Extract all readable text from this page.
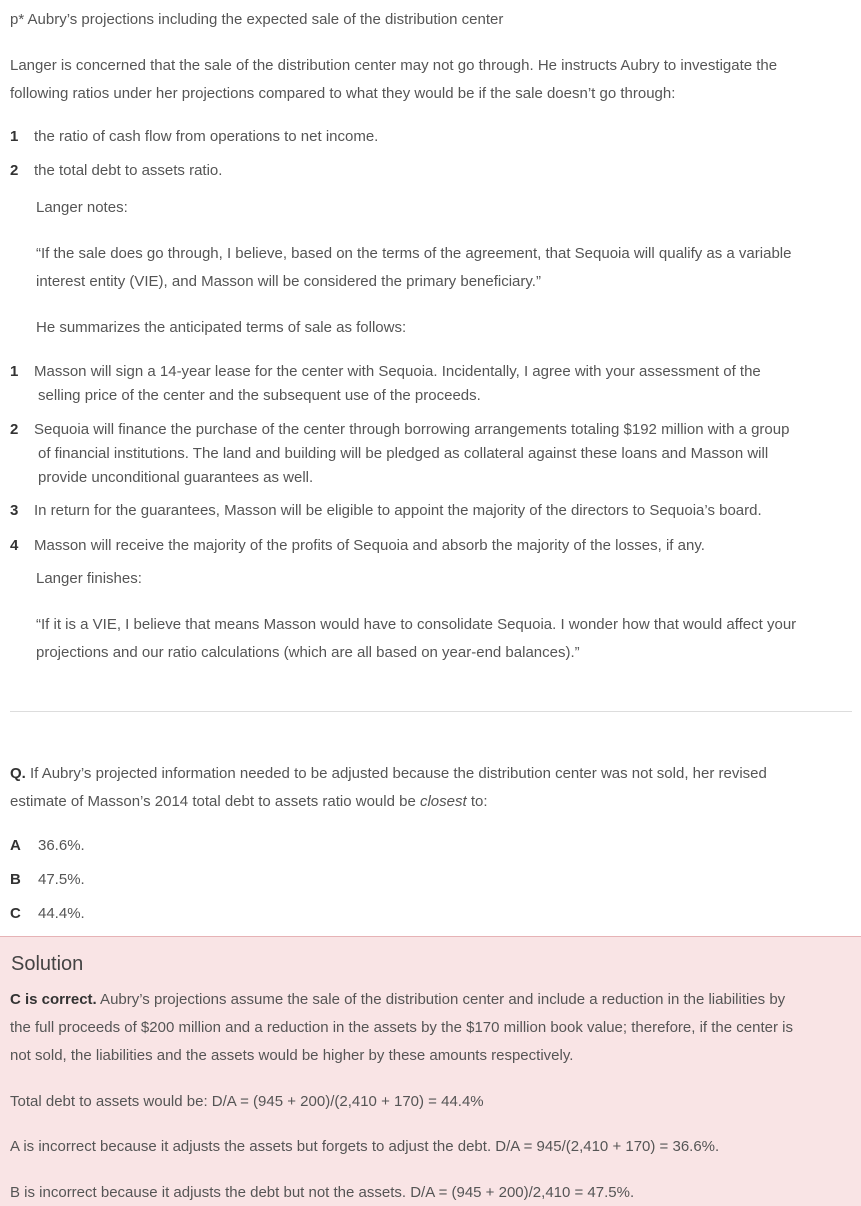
p* Aubry’s projections including the expected sale of the distribution center
Langer is concerned that the sale of the distribution center may not go through. He instructs Aubry to investigate the
following ratios under her projections compared to what they would be if the sale doesn’t go through:
1 the ratio of cash flow from operations to net income.
2 the total debt to assets ratio.
Langer notes:
“If the sale does go through, I believe, based on the terms of the agreement, that Sequoia will qualify as a variable
interest entity (VIE), and Masson will be considered the primary beneficiary.”
He summarizes the anticipated terms of sale as follows:
1 Masson will sign a 14-year lease for the center with Sequoia. Incidentally, I agree with your assessment of the
selling price of the center and the subsequent use of the proceeds.
2 Sequoia will finance the purchase of the center through borrowing arrangements totaling $192 million with a group
of financial institutions. The land and building will be pledged as collateral against these loans and Masson will
provide unconditional guarantees as well.
3 In return for the guarantees, Masson will be eligible to appoint the majority of the directors to Sequoia’s board.
4 Masson will receive the majority of the profits of Sequoia and absorb the majority of the losses, if any.
Langer finishes:
“If it is a VIE, I believe that means Masson would have to consolidate Sequoia. I wonder how that would affect your
projections and our ratio calculations (which are all based on year-end balances).”
Q. If Aubry’s projected information needed to be adjusted because the distribution center was not sold, her revised
estimate of Masson’s 2014 total debt to assets ratio would be closest to:
A 36.6%.
B 47.5%.
C 44.4%.
Solution
C is correct. Aubry’s projections assume the sale of the distribution center and include a reduction in the liabilities by
the full proceeds of $200 million and a reduction in the assets by the $170 million book value; therefore, if the center is
not sold, the liabilities and the assets would be higher by these amounts respectively.
Total debt to assets would be: D/A = (945 + 200)/(2,410 + 170) = 44.4%
A is incorrect because it adjusts the assets but forgets to adjust the debt. D/A = 945/(2,410 + 170) = 36.6%.
B is incorrect because it adjusts the debt but not the assets. D/A = (945 + 200)/2,410 = 47.5%.
